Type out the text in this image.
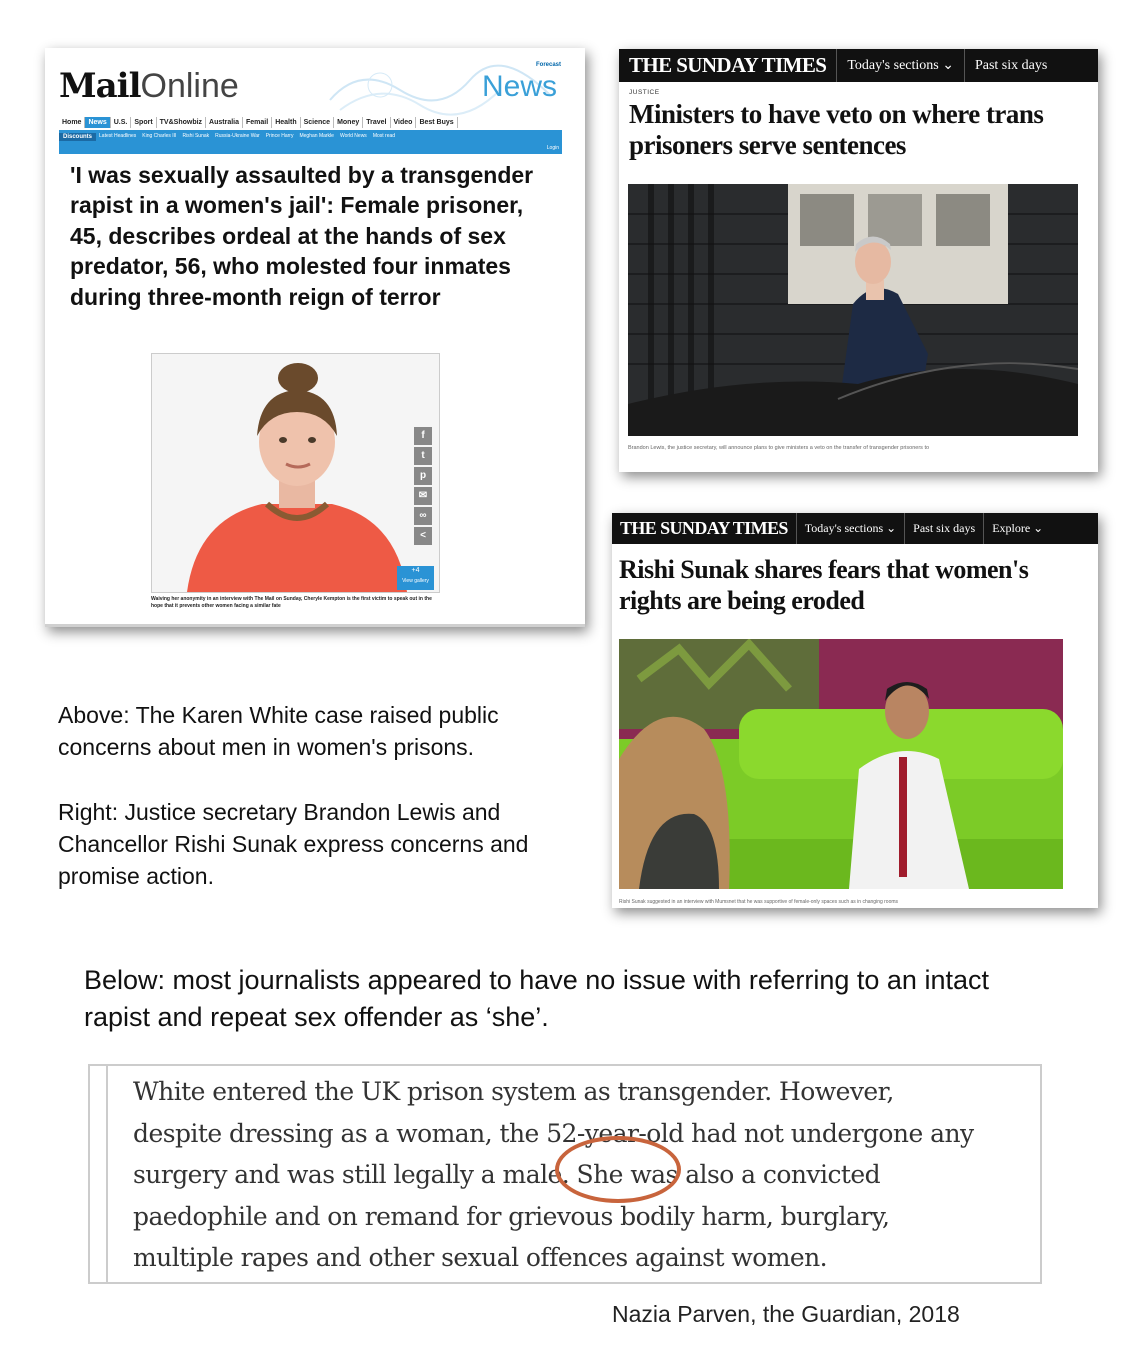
MailOnline
Forecast
News
Home	News	U.S.	Sport	TV&Showbiz	Australia	Femail	Health	Science	Money	Travel	Video	Best Buys
Discounts	Latest Headlines	King Charles III	Rishi Sunak	Russia-Ukraine War	Prince Harry	Meghan Markle	World News	Most read
Login
'I was sexually assaulted by a transgender rapist in a women's jail': Female prisoner, 45, describes ordeal at the hands of sex predator, 56, who molested four inmates during three-month reign of terror
f
t
p
✉
∞
<
+4
View gallery

Waiving her anonymity in an interview with The Mail on Sunday, Cherylе Kempton is the first victim to speak out in the hope that it prevents other women facing a similar fate

THE SUNDAY TIMES	Today's sections ⌄	Past six days
JUSTICE
Ministers to have veto on where trans prisoners serve sentences

Brandon Lewis, the justice secretary, will announce plans to give ministers a veto on the transfer of transgender prisoners to

THE SUNDAY TIMES	Today's sections ⌄	Past six days	Explore ⌄
Rishi Sunak shares fears that women's rights are being eroded

Rishi Sunak suggested in an interview with Mumsnet that he was supportive of female-only spaces such as in changing rooms

Above: The Karen White case raised public concerns about men in women's prisons.

Right: Justice secretary Brandon Lewis and Chancellor Rishi Sunak express concerns and promise action.

Below: most journalists appeared to have no issue with referring to an intact rapist and repeat sex offender as ‘she’.

White entered the UK prison system as transgender. However,
despite dressing as a woman, the 52-year-old had not undergone any
surgery and was still legally a male. She was also a convicted
paedophile and on remand for grievous bodily harm, burglary,
multiple rapes and other sexual offences against women.

Nazia Parven, the Guardian, 2018
